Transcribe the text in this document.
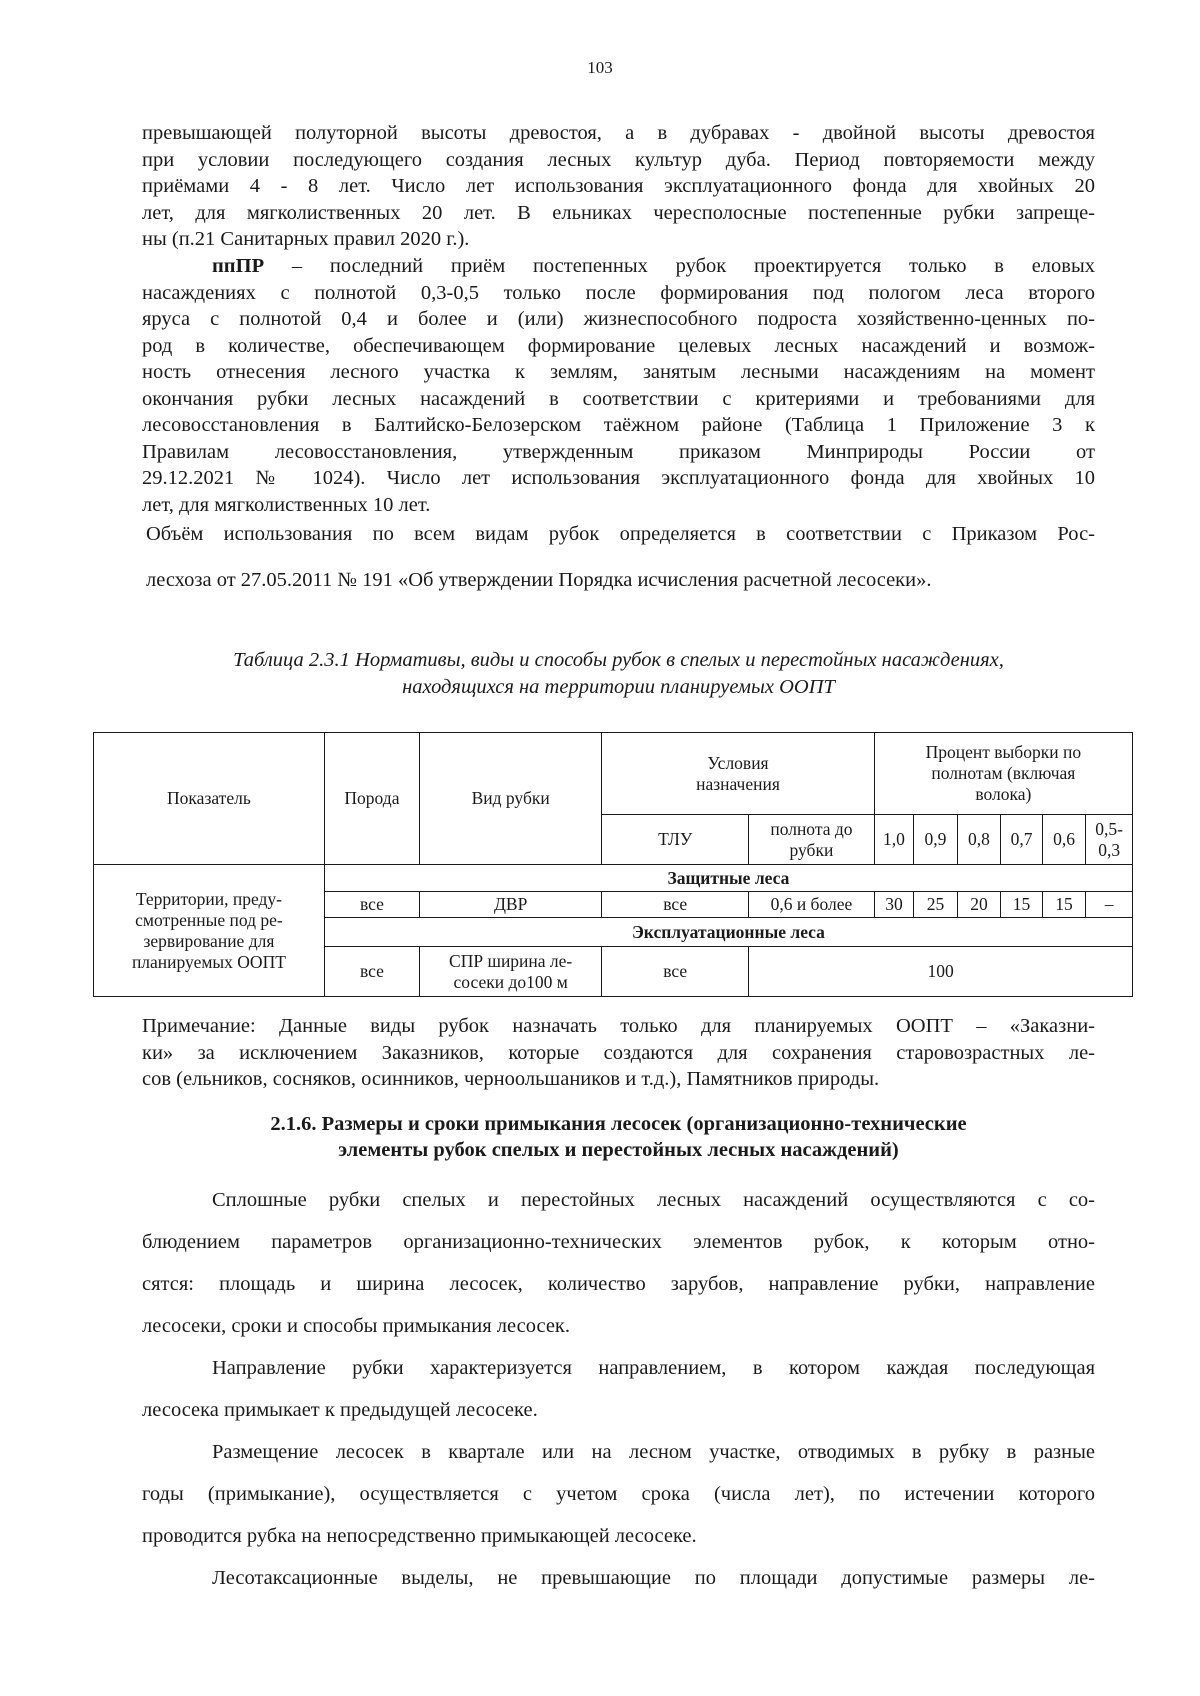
103

превышающей полуторной высоты древостоя, а в дубравах - двойной высоты древостоя

при условии последующего создания лесных культур дуба. Период повторяемости между

приёмами 4 - 8 лет. Число лет использования эксплуатационного фонда для хвойных 20

лет, для мягколиственных 20 лет. В ельниках чересполосные постепенные рубки запреще-

ны (п.21 Санитарных правил 2020 г.).

ппПР – последний приём постепенных рубок проектируется только в еловых

насаждениях с полнотой 0,3-0,5 только после формирования под пологом леса второго

яруса с полнотой 0,4 и более и (или) жизнеспособного подроста хозяйственно-ценных по-

род в количестве, обеспечивающем формирование целевых лесных насаждений и возмож-

ность отнесения лесного участка к землям, занятым лесными насаждениям на момент

окончания рубки лесных насаждений в соответствии с критериями и требованиями для

лесовосстановления в Балтийско-Белозерском таёжном районе (Таблица 1 Приложение 3 к

Правилам лесовосстановления, утвержденным приказом Минприроды России от

29.12.2021 № 1024). Число лет использования эксплуатационного фонда для хвойных 10

лет, для мягколиственных 10 лет.

Объём использования по всем видам рубок определяется в соответствии с Приказом Рос-

лесхоза от 27.05.2011 № 191 «Об утверждении Порядка исчисления расчетной лесосеки».

Таблица 2.3.1 Нормативы, виды и способы рубок в спелых и перестойных насаждениях,
находящихся на территории планируемых ООПТ
Показатель	Порода	Вид рубки	Условия назначения		Процент выборки по полнотам (включая волока)					
			ТЛУ	полнота до рубки	1,0	0,9	0,8	0,7	0,6	0,5-0,3
Территории, преду-смотренные под ре-зервирование для планируемых ООПТ	Защитные леса									
	все	ДВР	все	0,6 и более	30	25	20	15	15	–
	Эксплуатационные леса									
	все	СПР ширина ле-сосеки до100 м	все	100						

Примечание: Данные виды рубок назначать только для планируемых ООПТ – «Заказни-

ки» за исключением Заказников, которые создаются для сохранения старовозрастных ле-

сов (ельников, сосняков, осинников, черноольшаников и т.д.), Памятников природы.

2.1.6. Размеры и сроки примыкания лесосек (организационно-технические
элементы рубок спелых и перестойных лесных насаждений)

Сплошные рубки спелых и перестойных лесных насаждений осуществляются с со-

блюдением параметров организационно-технических элементов рубок, к которым отно-

сятся: площадь и ширина лесосек, количество зарубов, направление рубки, направление

лесосеки, сроки и способы примыкания лесосек.

Направление рубки характеризуется направлением, в котором каждая последующая

лесосека примыкает к предыдущей лесосеке.

Размещение лесосек в квартале или на лесном участке, отводимых в рубку в разные

годы (примыкание), осуществляется с учетом срока (числа лет), по истечении которого

проводится рубка на непосредственно примыкающей лесосеке.

Лесотаксационные выделы, не превышающие по площади допустимые размеры ле-
